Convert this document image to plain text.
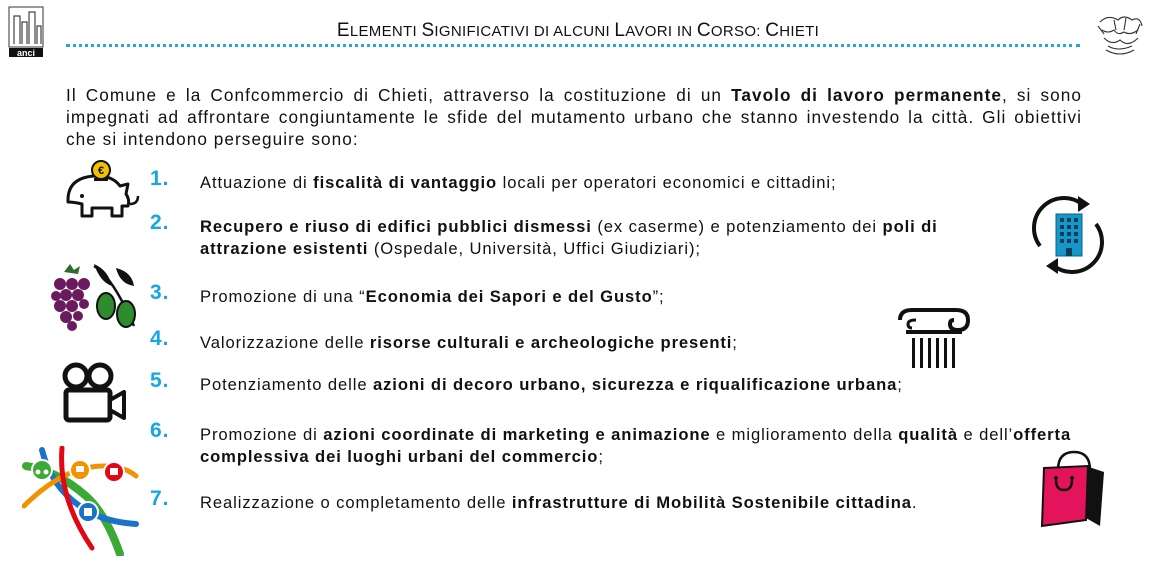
anci
ELEMENTI SIGNIFICATIVI DI ALCUNI LAVORI IN CORSO: CHIETI
Il Comune e la Confcommercio di Chieti, attraverso la costituzione di un Tavolo di lavoro permanente, si sono impegnati ad affrontare congiuntamente le sfide del mutamento urbano che stanno investendo la città. Gli obiettivi che si intendono perseguire sono:
1. Attuazione di fiscalità di vantaggio locali per operatori economici e cittadini;
2. Recupero e riuso di edifici pubblici dismessi (ex caserme) e potenziamento dei poli di attrazione esistenti (Ospedale, Università, Uffici Giudiziari);
3. Promozione di una “Economia dei Sapori e del Gusto”;
4. Valorizzazione delle risorse culturali e archeologiche presenti;
5. Potenziamento delle azioni di decoro urbano, sicurezza e riqualificazione urbana;
6. Promozione di azioni coordinate di marketing e animazione e miglioramento della qualità e dell’offerta complessiva dei luoghi urbani del commercio;
7. Realizzazione o completamento delle infrastrutture di Mobilità Sostenibile cittadina.
€
